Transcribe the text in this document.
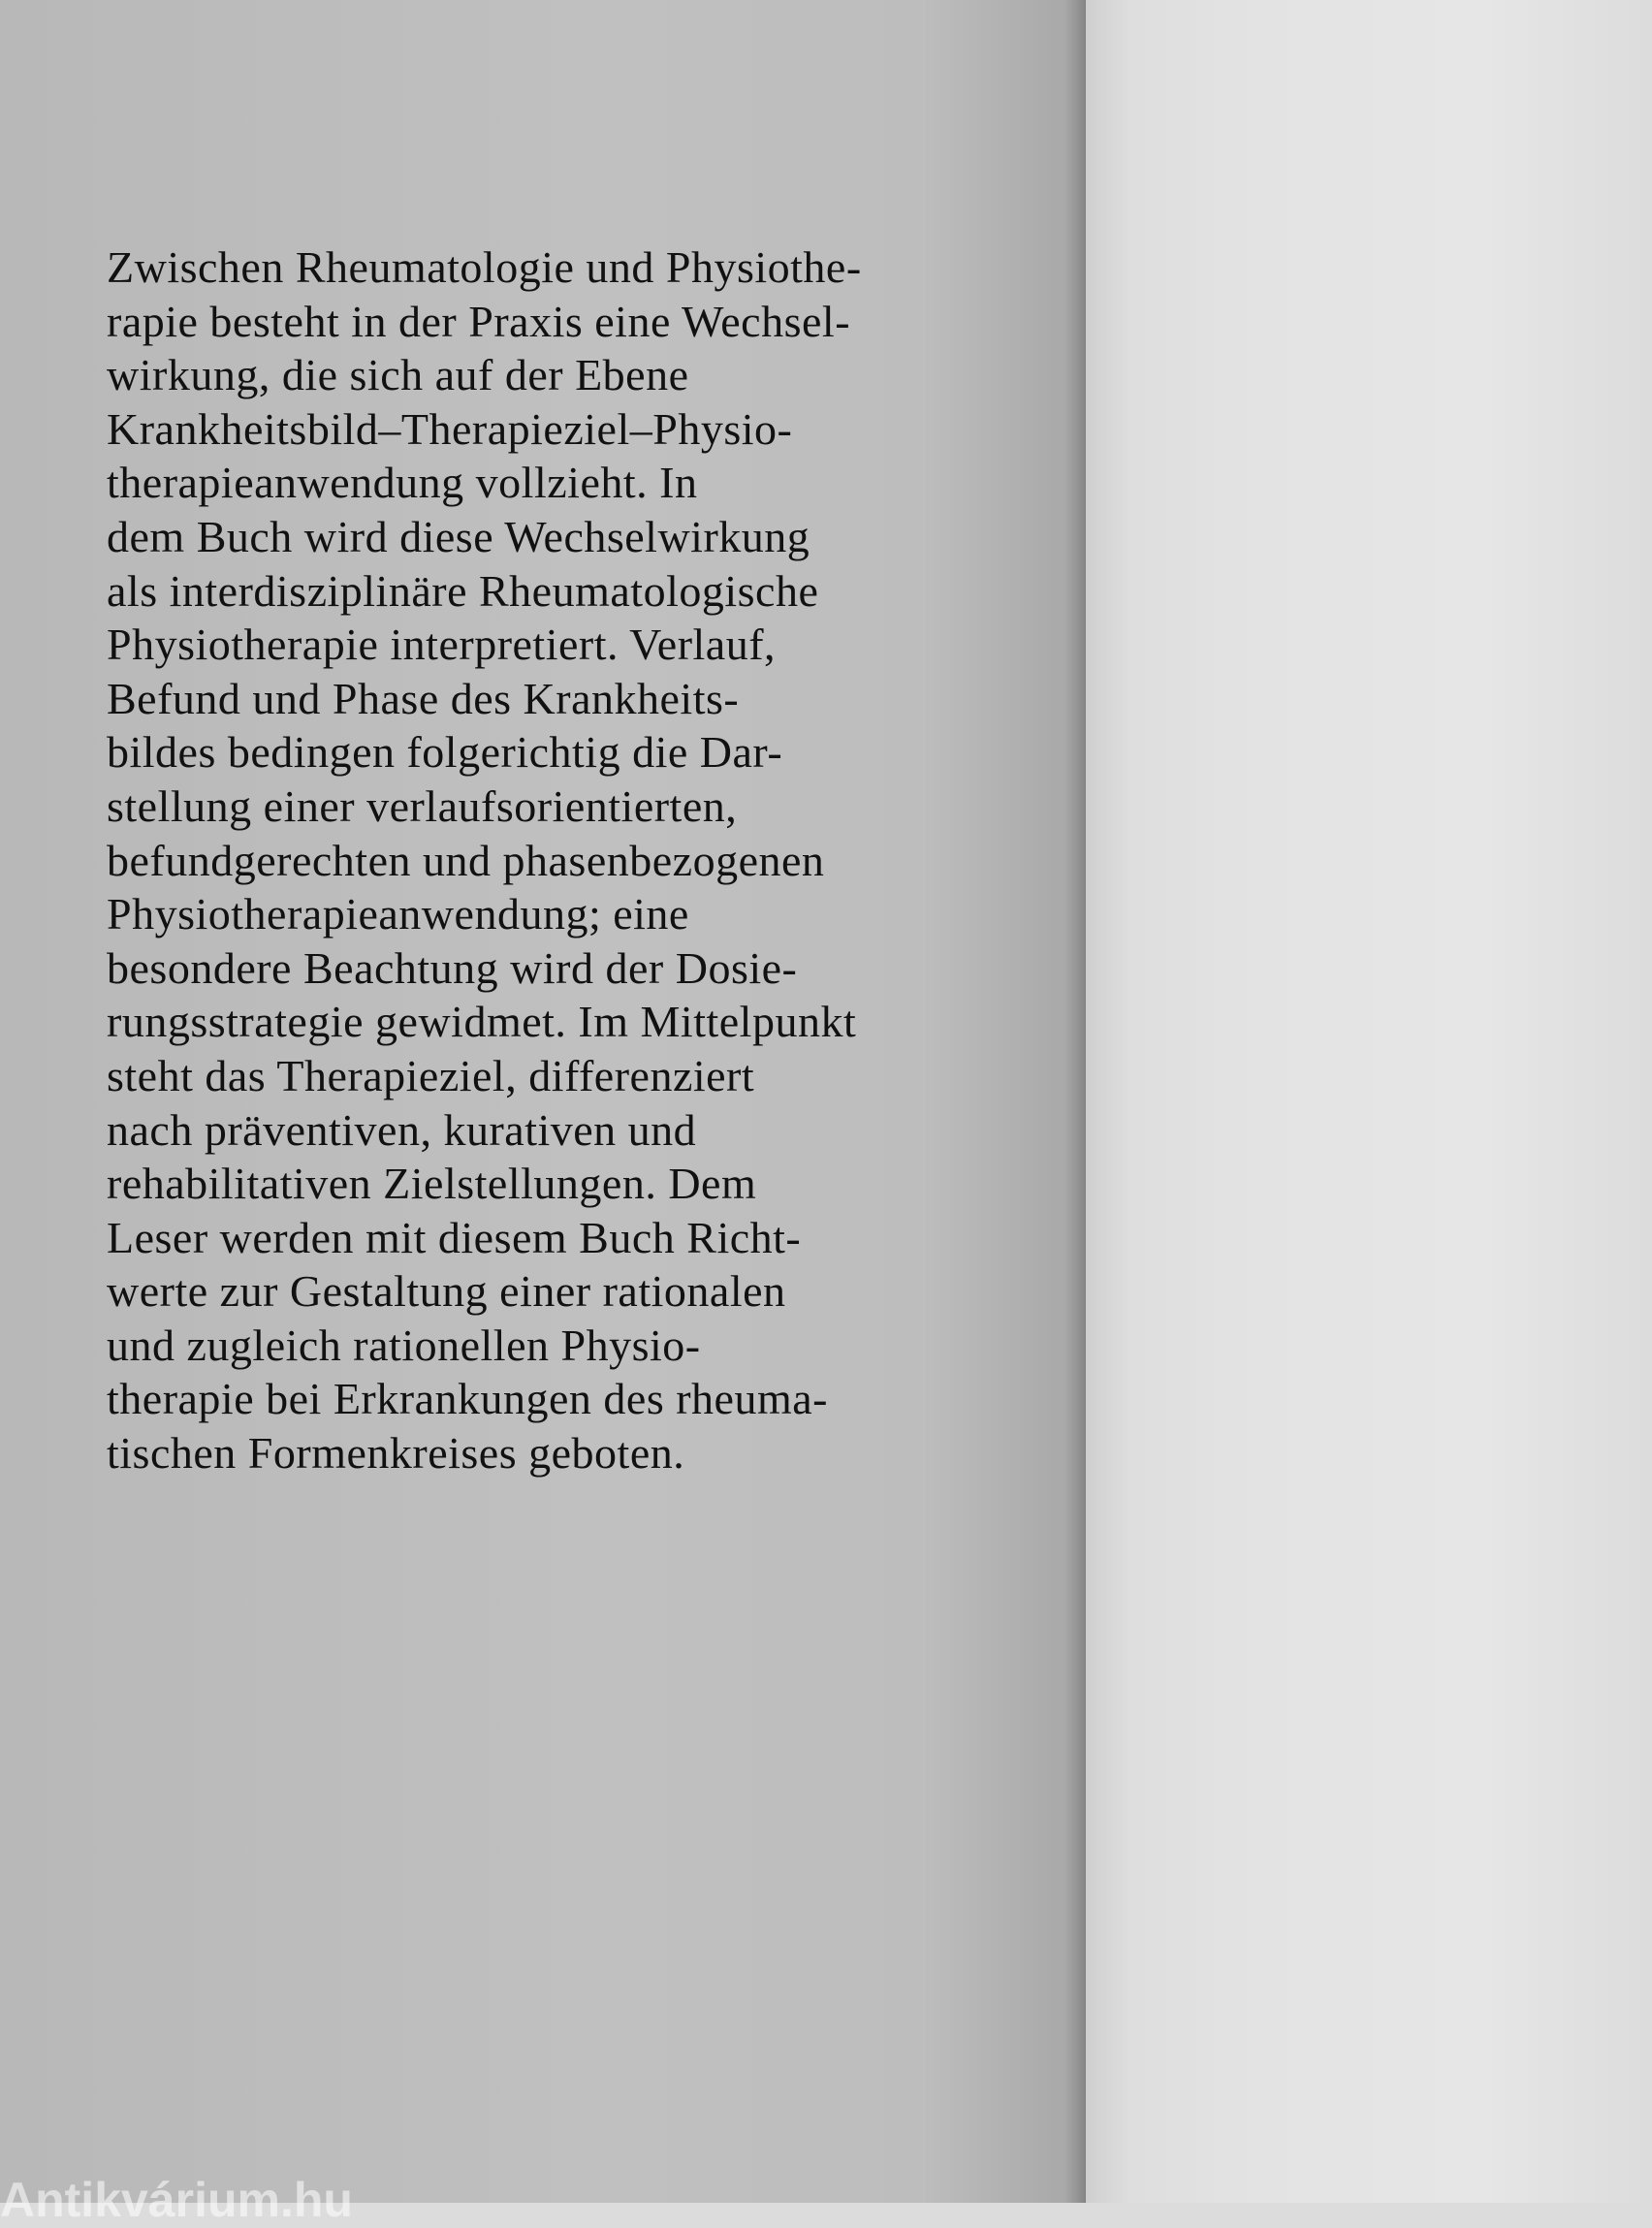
Zwischen Rheumatologie und Physiothe-
rapie besteht in der Praxis eine Wechsel-
wirkung, die sich auf der Ebene
Krankheitsbild–Therapieziel–Physio-
therapieanwendung vollzieht. In
dem Buch wird diese Wechselwirkung
als interdisziplinäre Rheumatologische
Physiotherapie interpretiert. Verlauf,
Befund und Phase des Krankheits-
bildes bedingen folgerichtig die Dar-
stellung einer verlaufsorientierten,
befundgerechten und phasenbezogenen
Physiotherapieanwendung; eine
besondere Beachtung wird der Dosie-
rungsstrategie gewidmet. Im Mittelpunkt
steht das Therapieziel, differenziert
nach präventiven, kurativen und
rehabilitativen Zielstellungen. Dem
Leser werden mit diesem Buch Richt-
werte zur Gestaltung einer rationalen
und zugleich rationellen Physio-
therapie bei Erkrankungen des rheuma-
tischen Formenkreises geboten.
Antikvárium.hu
